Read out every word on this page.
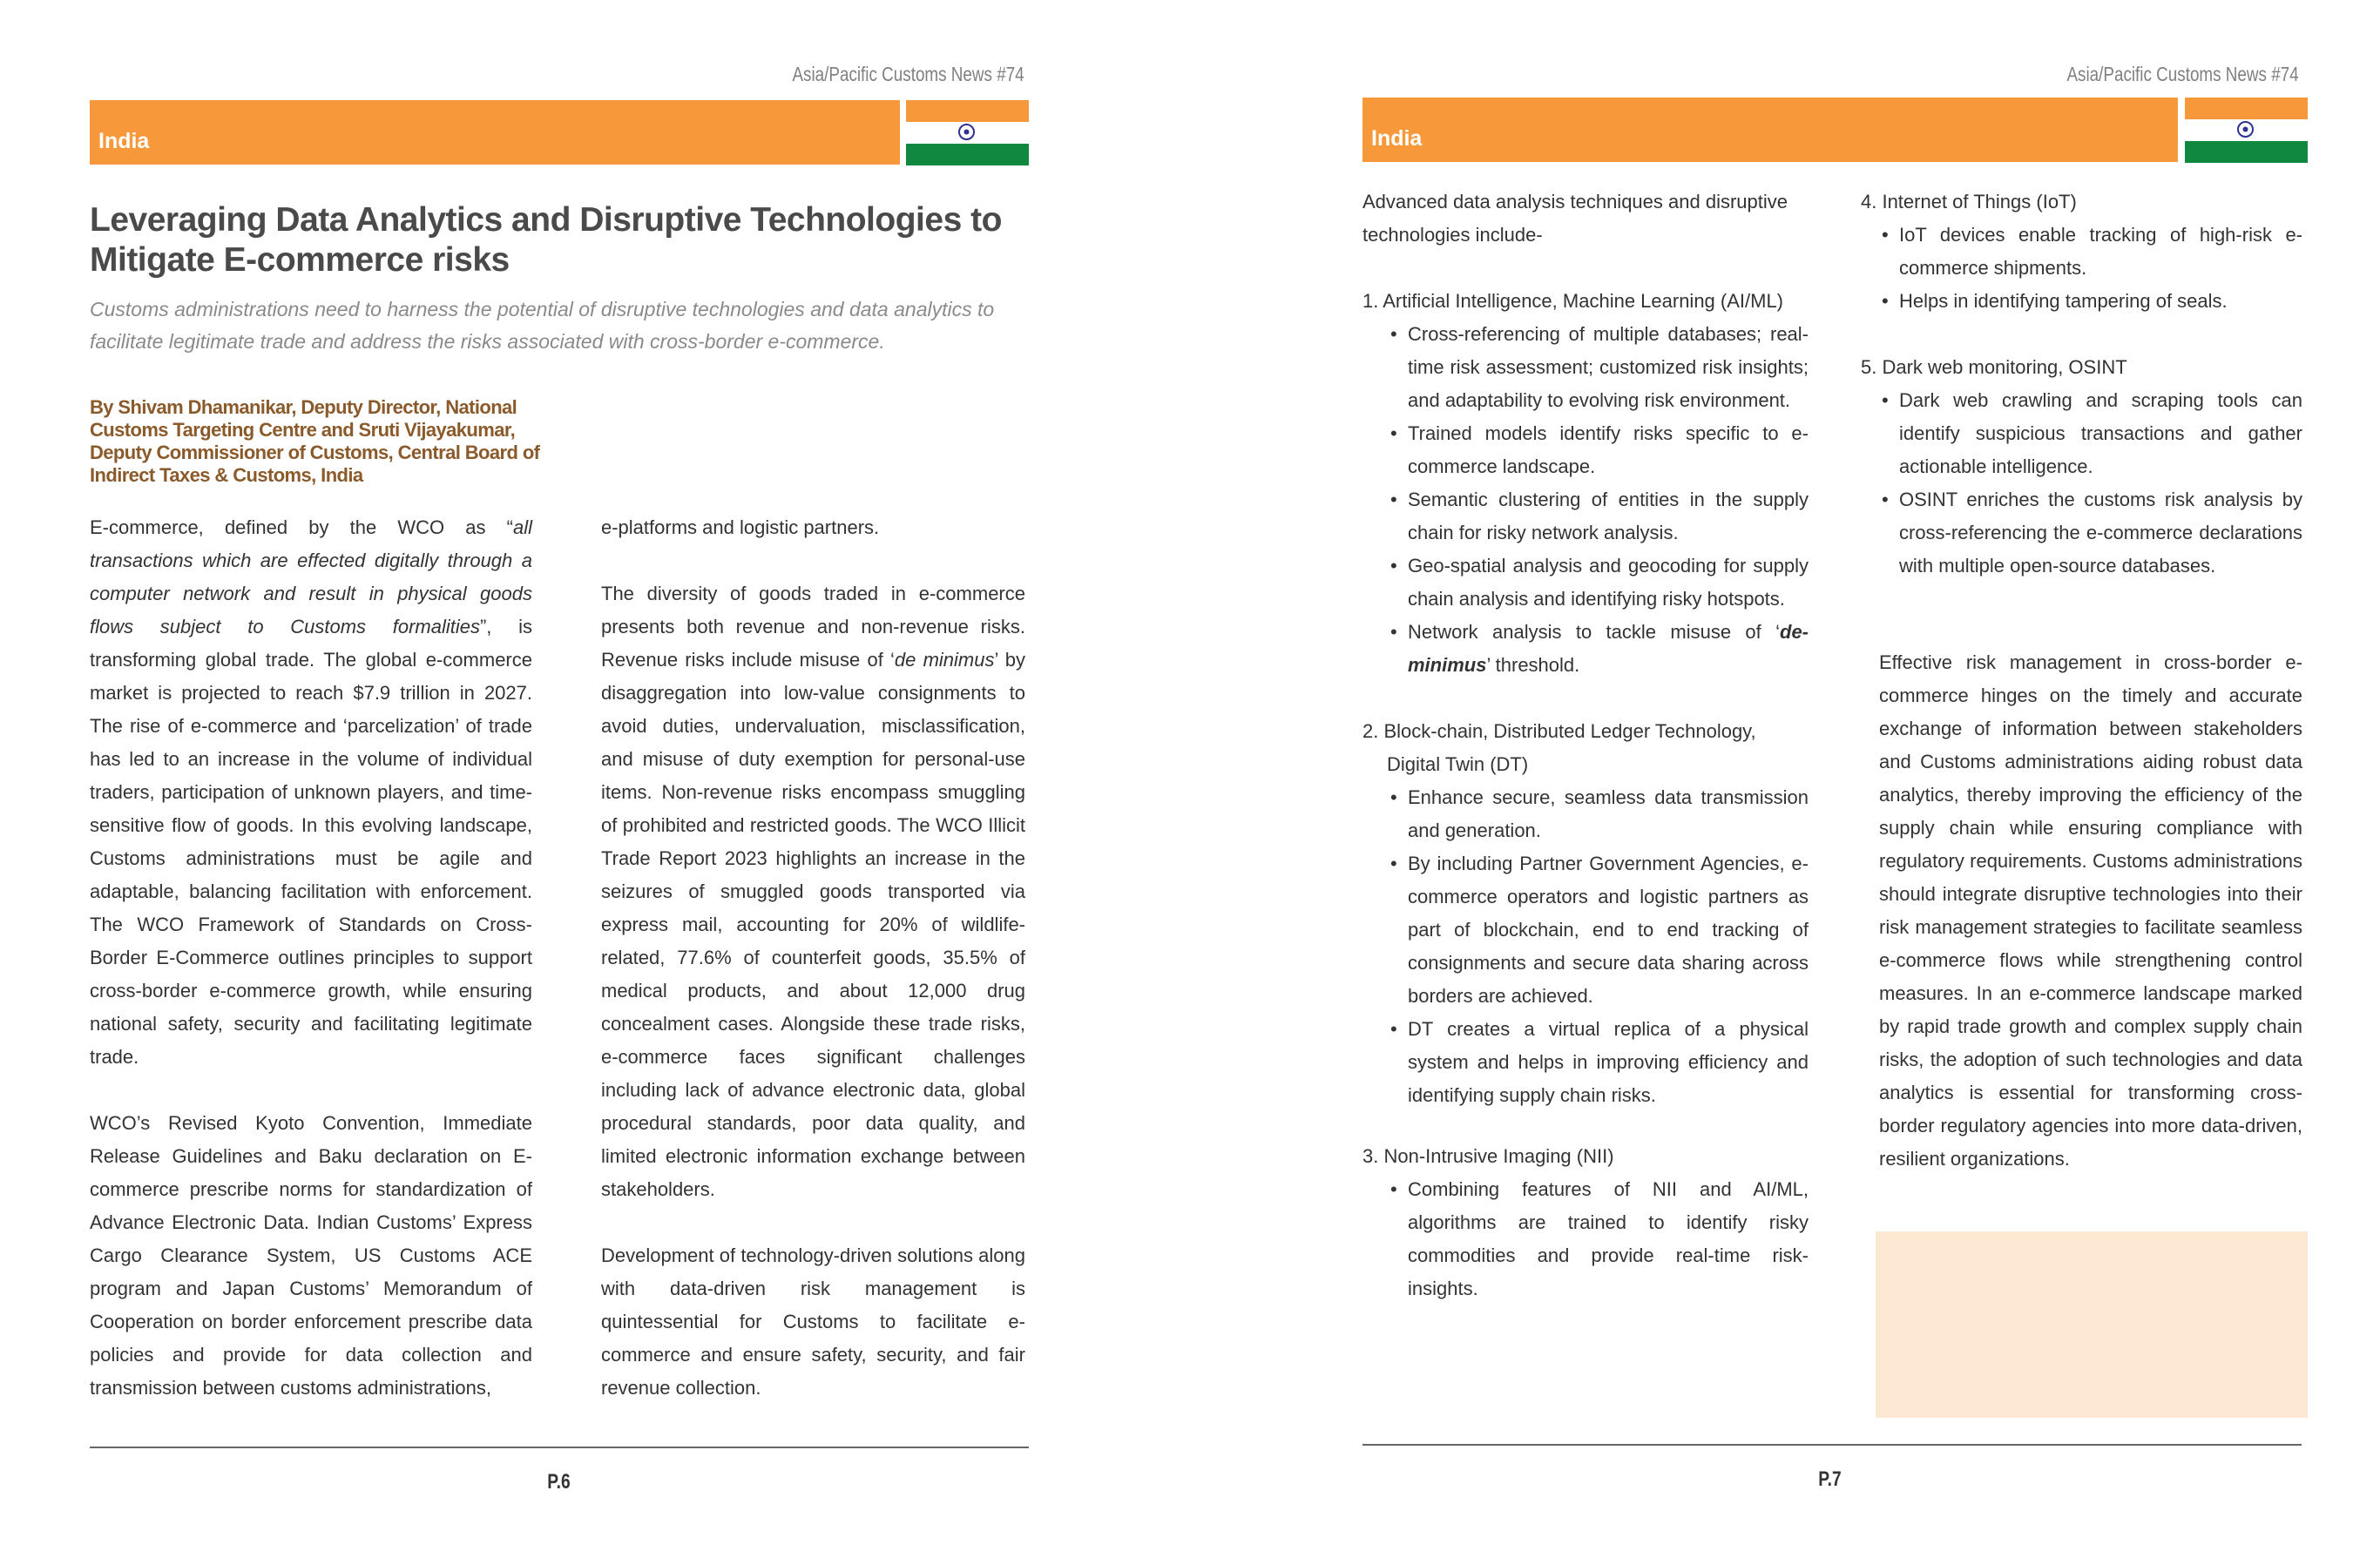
Asia/Pacific Customs News #74
India
Leveraging Data Analytics and Disruptive Technologies to Mitigate E-commerce risks

Customs administrations need to harness the potential of disruptive technologies and data analytics to facilitate legitimate trade and address the risks associated with cross-border e-commerce.

By Shivam Dhamanikar, Deputy Director, National Customs Targeting Centre and Sruti Vijayakumar, Deputy Commissioner of Customs, Central Board of Indirect Taxes & Customs, India

E-commerce, defined by the WCO as “all transactions which are effected digitally through a computer network and result in physical goods flows subject to Customs formalities”, is transforming global trade. The global e-commerce market is projected to reach $7.9 trillion in 2027. The rise of e-commerce and ‘parcelization’ of trade has led to an increase in the volume of individual traders, participation of unknown players, and time-sensitive flow of goods. In this evolving landscape, Customs administrations must be agile and adaptable, balancing facilitation with enforcement. The WCO Framework of Standards on Cross-Border E-Commerce outlines principles to support cross-border e-commerce growth, while ensuring national safety, security and facilitating legitimate trade.

WCO’s Revised Kyoto Convention, Immediate Release Guidelines and Baku declaration on E-commerce prescribe norms for standardization of Advance Electronic Data. Indian Customs’ Express Cargo Clearance System, US Customs ACE program and Japan Customs’ Memorandum of Cooperation on border enforcement prescribe data policies and provide for data collection and transmission between customs administrations,

e-platforms and logistic partners.

The diversity of goods traded in e-commerce presents both revenue and non-revenue risks. Revenue risks include misuse of ‘de minimus’ by disaggregation into low-value consignments to avoid duties, undervaluation, misclassification, and misuse of duty exemption for personal-use items. Non-revenue risks encompass smuggling of prohibited and restricted goods. The WCO Illicit Trade Report 2023 highlights an increase in the seizures of smuggled goods transported via express mail, accounting for 20% of wildlife-related, 77.6% of counterfeit goods, 35.5% of medical products, and about 12,000 drug concealment cases. Alongside these trade risks, e-commerce faces significant challenges including lack of advance electronic data, global procedural standards, poor data quality, and limited electronic information exchange between stakeholders.

Development of technology-driven solutions along with data-driven risk management is quintessential for Customs to facilitate e-commerce and ensure safety, security, and fair revenue collection.

P.6
Asia/Pacific Customs News #74
India

Advanced data analysis techniques and disruptive technologies include-

1. Artificial Intelligence, Machine Learning (AI/ML)
• Cross-referencing of multiple databases; real-time risk assessment; customized risk insights; and adaptability to evolving risk environment.
• Trained models identify risks specific to e-commerce landscape.
• Semantic clustering of entities in the supply chain for risky network analysis.
• Geo-spatial analysis and geocoding for supply chain analysis and identifying risky hotspots.
• Network analysis to tackle misuse of ‘de-minimus’ threshold.
2. Block-chain, Distributed Ledger Technology, Digital Twin (DT)
• Enhance secure, seamless data transmission and generation.
• By including Partner Government Agencies, e-commerce operators and logistic partners as part of blockchain, end to end tracking of consignments and secure data sharing across borders are achieved.
• DT creates a virtual replica of a physical system and helps in improving efficiency and identifying supply chain risks.
3. Non-Intrusive Imaging (NII)
• Combining features of NII and AI/ML, algorithms are trained to identify risky commodities and provide real-time risk-insights.
4. Internet of Things (IoT)
• IoT devices enable tracking of high-risk e-commerce shipments.
• Helps in identifying tampering of seals.
5. Dark web monitoring, OSINT
• Dark web crawling and scraping tools can identify suspicious transactions and gather actionable intelligence.
• OSINT enriches the customs risk analysis by cross-referencing the e-commerce declarations with multiple open-source databases.
P.7

Effective risk management in cross-border e-commerce hinges on the timely and accurate exchange of information between stakeholders and Customs administrations aiding robust data analytics, thereby improving the efficiency of the supply chain while ensuring compliance with regulatory requirements. Customs administrations should integrate disruptive technologies into their risk management strategies to facilitate seamless e-commerce flows while strengthening control measures. In an e-commerce landscape marked by rapid trade growth and complex supply chain risks, the adoption of such technologies and data analytics is essential for transforming cross-border regulatory agencies into more data-driven, resilient organizations.
